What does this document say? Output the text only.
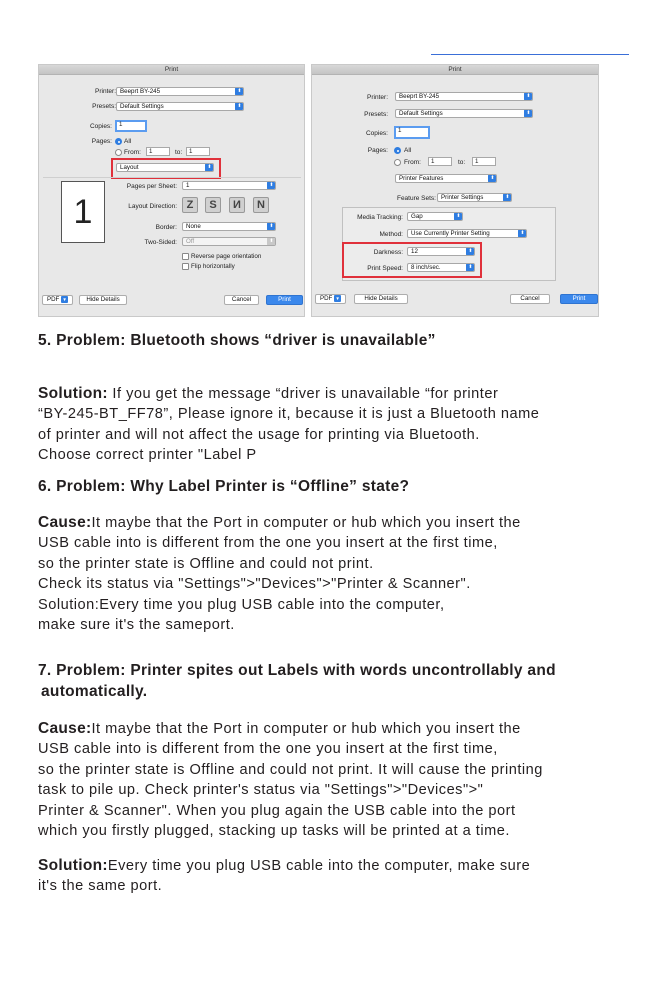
Print
Printer: Beeprt BY-245	⬍
Presets: Default Settings	⬍
Copies:	1
Pages: All
From:	1	to:	1
Layout	⬍
1
Pages per Sheet:	1	⬍
Layout Direction: Z	S	И	N
Border:	None	⬍
Two-Sided:	Off	⬍
Reverse page orientation
Flip horizontally
PDF ▼	Hide Details	Cancel	Print
Print
Printer:	Beeprt BY-245	⬍
Presets:	Default Settings	⬍
Copies:	1
Pages: All
From:	1	to:	1
Printer Features	⬍
Feature Sets: Printer Settings	⬍
Media Tracking:	Gap	⬍
Method:	Use Currently Printer Setting	⬍
Darkness:	12	⬍
Print Speed:	8 inch/sec.	⬍
PDF ▼	Hide Details	Cancel	Print
5. Problem: Bluetooth shows “driver is unavailable”
Solution: If you get the message “driver is unavailable “for printer
“BY-245-BT_FF78”, Please ignore it, because it is just a Bluetooth name
of printer and will not affect the usage for printing via Bluetooth.
Choose correct printer "Label P
6. Problem: Why Label Printer is “Offline” state?
Cause:It maybe that the Port in computer or hub which you insert the
USB cable into is different from the one you insert at the first time,
so the printer state is Offline and could not print.
Check its status via "Settings">"Devices">"Printer & Scanner".
Solution:Every time you plug USB cable into the computer,
make sure it's the sameport.
7. Problem: Printer spites out Labels with words uncontrollably and
automatically.
Cause:It maybe that the Port in computer or hub which you insert the
USB cable into is different from the one you insert at the first time,
so the printer state is Offline and could not print. It will cause the printing
task to pile up. Check printer's status via "Settings">"Devices">"
Printer & Scanner". When you plug again the USB cable into the port
which you firstly plugged, stacking up tasks will be printed at a time.
Solution:Every time you plug USB cable into the computer, make sure
it's the same port.
